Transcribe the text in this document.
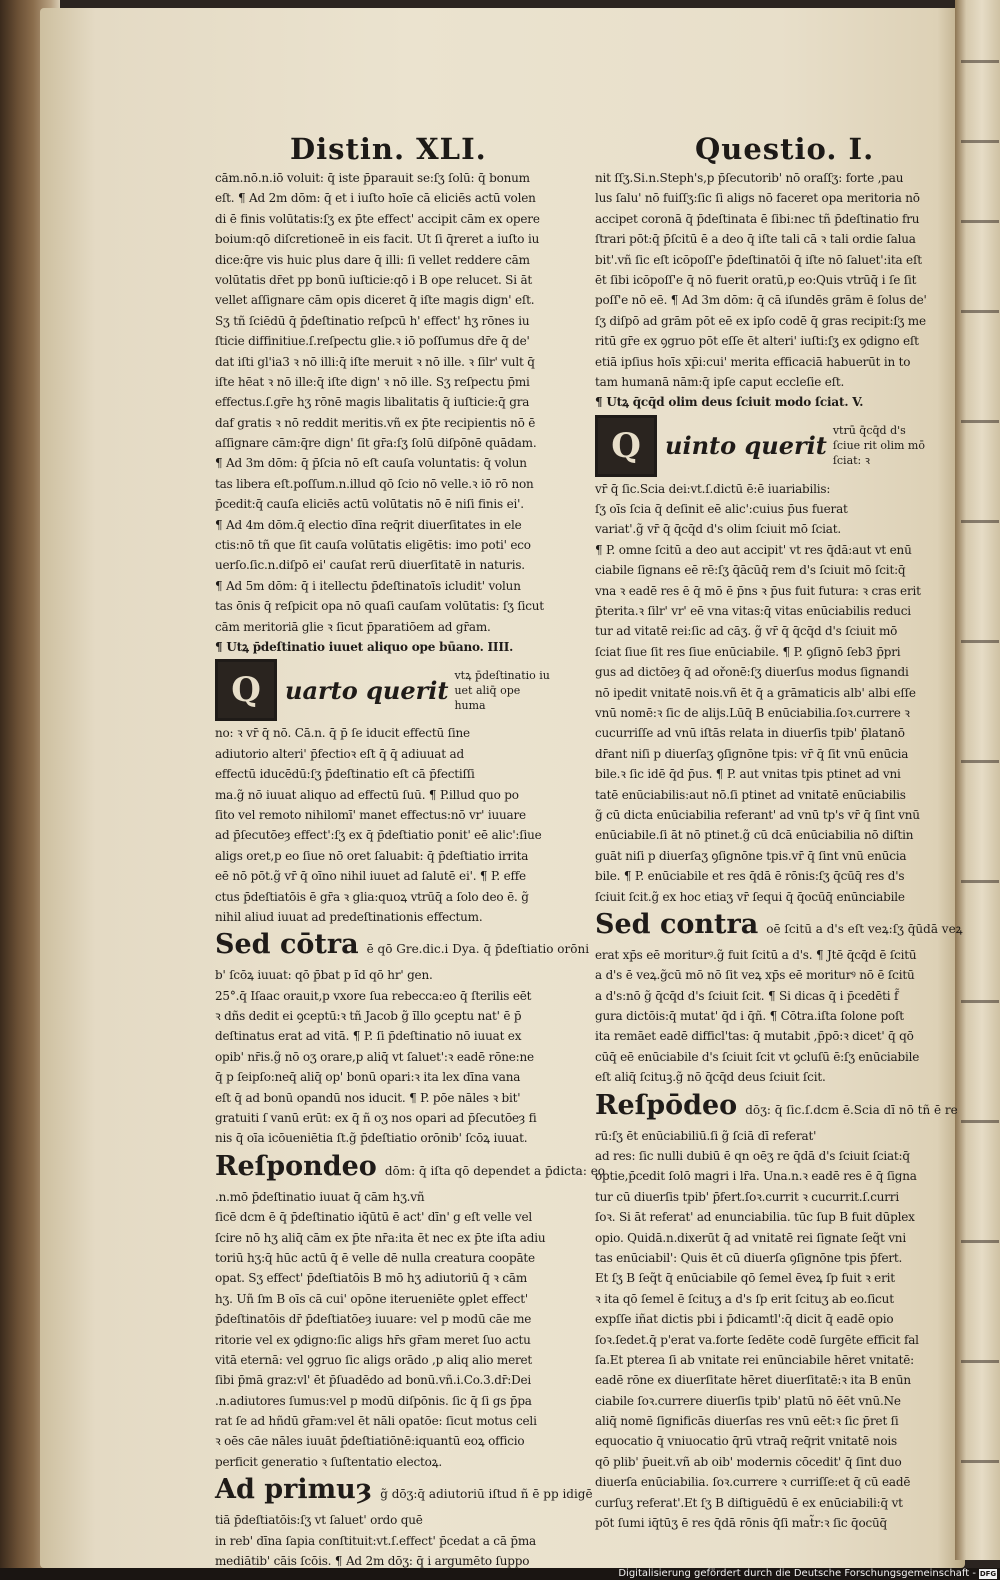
Distin. XLI.	Questio. I.
cām.nō.n.iō voluit: q̄ iste p̄parauit se:ſʒ ſolū: q̄ bonum
eſt. ¶ Ad 2m dōm: q̄ et i iuſto hoīe cā eliciēs actū volen
di ē finis volūtatis:ſʒ ex p̄te effect' accipit cām ex opere
boium:qō diſcretioneē in eis facit. Ut ſi q̄reret a iuſto iu
dice:q̄re vis huic plus dare q̄ illi: ſi vellet reddere cām
volūtatis dr̄et pp bonū iuſticie:qō i B ope relucet. Si āt
vellet aſſignare cām opis diceret q̄ iſte magis dign' eſt.
Sʒ tñ ſciēdū q̄ p̄deſtinatio reſpcū h' effect' hʒ rōnes iu
ſticie diffinitiue.ſ.reſpectu glie.ꝛ iō poſſumus dr̄e q̄ de'
dat iſti gl'ia3 ꝛ nō illi:q̄ iſte meruit ꝛ nō ille. ꝛ ſilr' vult q̄
iſte hēat ꝛ nō ille:q̄ iſte dign' ꝛ nō ille. Sʒ reſpectu p̄mi
effectus.ſ.gr̄e hʒ rōnē magis libalitatis q̄ iuſticie:q̄ gra
daf gratis ꝛ nō reddit meritis.vñ ex p̄te recipientis nō ē
aſſignare cām:q̄re dign' ſit gr̄a:ſʒ ſolū diſpōnē quādam.
¶ Ad 3m dōm: q̄ p̄ſcia nō eſt cauſa voluntatis: q̄ volun
tas libera eſt.poſſum.n.illud qō ſcio nō velle.ꝛ iō rō non
p̄cedit:q̄ cauſa eliciēs actū volūtatis nō ē niſi finis ei'.
¶ Ad 4m dōm.q̄ electio dīna req̄rit diuerſitates in ele
ctis:nō tñ que ſit cauſa volūtatis eligētis: imo poti' eco
uerſo.ſic.n.diſpō ei' cauſat rerū diuerſitatē in naturis.
¶ Ad 5m dōm: q̄ i itellectu p̄deſtinatoīs icludit' volun
tas ōnis q̄ reſpicit opa nō quaſi cauſam volūtatis: ſʒ ſicut
cām meritoriā glie ꝛ ſicut p̄paratiōem ad gr̄am.
¶ Utꝝ p̄deſtinatio iuuet aliquo ope būano. IIII.
Q	uarto querit
vtꝝ p̄deſtinatio iu uet aliq̄ ope huma
no: ꝛ vr̄ q̄ nō. Cā.n. q̄ p̄ ſe iducit effectū ſine
adiutorio alteri' p̄fectioꝛ eſt q̄ q̄ adiuuat ad
effectū iducēdū:ſʒ p̄deſtinatio eſt cā p̄fectiſſi
ma.g̃ nō iuuat aliquo ad effectū ſuū. ¶ P.illud quo po
ſito vel remoto nihilomī' manet effectus:nō vr' iuuare
ad p̄ſecutōeȝ effect':ſʒ ex q̄ p̄deſtiatio ponit' eē alic':ſiue
aligs oret,p eo ſiue nō oret ſaluabit: q̄ p̄deſtiatio irrita
eē nō pōt.g̃ vr̄ q̄ oīno nihil iuuet ad ſalutē ei'. ¶ P. effe
ctus p̄deſtiatōis ē gr̄a ꝛ glia:quoꝝ vtrūq̄ a ſolo deo ē. g̃
nihil aliud iuuat ad predeſtinationis effectum.
Sed cōtra ē qō Gre.dic.i Dya. q̄ p̄deſtiatio orōni
b' ſcōꝝ iuuat: qō p̄bat p ı̄d qō hr' gen.
25°.q̄ Iſaac orauit,p vxore ſua rebecca:eo q̄ ſterilis eēt
ꝛ dñs dedit ei ꝯceptū:ꝛ tñ Jacob g̃ ı̄llo ꝯceptu nat' ē p̄
deſtinatus erat ad vitā. ¶ P. ſi p̄deſtinatio nō iuuat ex
opib' nr̄is.g̃ nō oʒ orare,p aliq̄ vt ſaluet':ꝛ eadē rōne:ne
q̄ p ſeipſo:neq̄ aliq̄ op' bonū opari:ꝛ ita lex dīna vana
eſt q̄ ad bonū opandū nos iducit. ¶ P. pōe nāles ꝛ bit'
gratuiti ſ vanū erūt: ex q̄ ñ oʒ nos opari ad p̄ſecutōeȝ fi
nis q̄ oīa icōueniētia ſt.g̃ p̄deſtiatio orōnib' ſcōꝝ iuuat.
Reſpondeo dōm: q̄ iſta qō dependet a p̄dicta: eo
.n.mō p̄deſtinatio iuuat q̄ cām hʒ.vñ
ſicē dcm ē q̄ p̄deſtinatio iq̄ūtū ē act' dīn' g eſt velle vel
ſcire nō hʒ aliq̄ cām ex p̄te nr̄a:ita ēt nec ex p̄te iſta adiu
toriū hʒ:q̄ hūc actū q̄ ē velle dē nulla creatura coopāte
opat. Sʒ effect' p̄deſtiatōis B mō hʒ adiutoriū q̄ ꝛ cām
hʒ. Uñ ſm B oīs cā cui' opōne iterueniēte ꝯplet effect'
p̄deſtinatōis dr̄ p̄deſtiatōeȝ iuuare: vel p modū cāe me
ritorie vel ex ꝯdigno:ſic aligs hr̄s gr̄am meret ſuo actu
vitā eternā: vel ꝯgruo ſic aligs orādo ,p aliq alio meret
ſibi p̄mā graz:vl' ēt p̄ſuadēdo ad bonū.vñ.i.Co.3.dr̄:Dei
.n.adiutores ſumus:vel p modū diſpōnis. ſic q̄ ſi gs p̄pa
rat ſe ad hñdū gr̄am:vel ēt nāli opatōe: ſicut motus celi
ꝛ oēs cāe nāles iuuāt p̄deſtiatiōnē:iquantū eoꝝ officio
perficit generatio ꝛ ſuſtentatio electoꝝ.
Ad primuȝ g̃ dōʒ:q̄ adiutoriū iſtud ñ ē pp idigē
tiā p̄deſtiatōis:ſʒ vt ſaluet' ordo quē
in reb' dīna ſapia conſtituit:vt.ſ.effect' p̄cedat a cā p̄ma
mediātib' cāis ſcōis. ¶ Ad 2m dōʒ: q̄ i argumēto ſuppo
nit ſſʒ.Si.n.Steph's,p p̄ſecutorib' nō oraſſʒ: forte ,pau
lus ſalu' nō fuiſſʒ:ſic ſi aligs nō faceret opa meritoria nō
accipet coronā q̄ p̄deſtinata ē ſibi:nec tñ p̄deſtinatio fru
ſtrari pōt:q̄ p̄ſcitū ē a deo q̄ iſte tali cā ꝛ tali ordie ſalua
bit'.vñ ſic eſt icōpoſſ'e p̄deſtinatōi q̄ iſte nō ſaluet':ita eſt
ēt ſibi icōpoſſ'e q̄ nō fuerit oratū,p eo:Quis vtrūq̄ i ſe ſit
poſſ'e nō eē. ¶ Ad 3m dōm: q̄ cā iſundēs grām ē ſolus de'
ſʒ diſpō ad grām pōt eē ex ipſo codē q̄ gras recipit:ſʒ me
ritū gr̄e ex ꝯgruo pōt eſſe ēt alteri' iuſti:ſʒ ex ꝯdigno eſt
etiā ipſius hoīs xp̄i:cui' merita efficaciā habuerūt in to
tam humanā nām:q̄ ipſe caput eccleſie eſt.
¶ Utꝝ q̄cq̄d olim deus ſciuit modo ſciat. V.
Q	uinto querit
vtrū q̄cq̄d d's ſciue rit olim mō ſciat: ꝛ
vr̄ q̄ ſic.Scia dei:vt.ſ.dictū ē:ē iuariabilis:
ſʒ oīs ſcia q̄ deſinit eē alic':cuius p̄us fuerat
variat'.g̃ vr̄ q̄ q̄cq̄d d's olim ſciuit mō ſciat.
¶ P. omne ſcitū a deo aut accipit' vt res q̄dā:aut vt enū
ciabile ſignans eē rē:ſʒ q̄ācūq̄ rem d's ſciuit mō ſcit:q̄
vna ꝛ eadē res ē q̄ mō ē p̄ns ꝛ p̄us fuit futura: ꝛ cras erit
p̄terita.ꝛ ſilr' vr' eē vna vitas:q̄ vitas enūciabilis reduci
tur ad vitatē rei:ſic ad cāʒ. g̃ vr̄ q̄ q̄cq̄d d's ſciuit mō
ſciat ſiue ſit res ſiue enūciabile. ¶ P. ꝯſignō ſeb3 p̄pri
gus ad dictōeȝ q̄ ad ořonē:ſʒ diuerſus modus ſignandi
nō ipedit vnitatē nois.vñ ēt q̄ a grāmaticis alb' albi eſſe
vnū nomē:ꝛ ſic de alijs.Lūq̄ B enūciabilia.ſoꝛ.currere ꝛ
cucurriſſe ad vnū iſtās relata in diuerſis tpib' p̄latanō
dr̄ant niſi p diuerſaʒ ꝯſignōne tpis: vr̄ q̄ ſit vnū enūcia
bile.ꝛ ſic idē q̄d p̄us. ¶ P. aut vnitas tpis ptinet ad vni
tatē enūciabilis:aut nō.ſi ptinet ad vnitatē enūciabilis
g̃ cū dicta enūciabilia referant' ad vnū tp's vr̄ q̄ ſint vnū
enūciabile.ſi āt nō ptinet.g̃ cū dcā enūciabilia nō diſtin
guāt niſi p diuerſaʒ ꝯſignōne tpis.vr̄ q̄ ſint vnū enūcia
bile. ¶ P. enūciabile et res q̄dā ē rōnis:ſʒ q̄cūq̄ res d's
ſciuit ſcit.g̃ ex hoc etiaʒ vr̄ ſequi q̄ q̄ocūq̄ enūnciabile
Sed contra oē ſcitū a d's eſt veꝝ:ſʒ q̄ūdā veꝝ
erat xp̄s eē moriturꝰ.g̃ fuit ſcitū a d's. ¶ Jtē q̄cq̄d ē ſcitū
a d's ē veꝝ.g̃cū mō nō ſit veꝝ xp̄s eē moriturꝰ nō ē ſcitū
a d's:nō g̃ q̄cq̄d d's ſciuit ſcit. ¶ Si dicas q̄ i p̄cedēti f̃
gura dictōis:q̄ mutat' q̄d i q̄ñ. ¶ Cōtra.iſta ſolone poſt
ita remāet eadē difficl'tas: q̄ mutabit ,p̄pō:ꝛ dicet' q̄ qō
cūq̄ eē enūciabile d's ſciuit ſcit vt ꝯcluſū ē:ſʒ enūciabile
eſt aliq̄ ſcituꝫ.g̃ nō q̄cq̄d deus ſciuit ſcit.
Reſpōdeo dōʒ: q̄ ſic.ſ.dcm ē.Scia dī nō tñ ē re
rū:ſʒ ēt enūciabiliū.ſi g̃ ſciā dī referat'
ad res: ſic nulli dubiū ē qn oēʒ re q̄dā d's ſciuit ſciat:q̄
optie,p̄cedit ſolō magri i lr̄a. Una.n.ꝛ eadē res ē q̄ ſigna
tur cū diuerſis tpib' p̄fert.ſoꝛ.currit ꝛ cucurrit.ſ.curri
ſoꝛ. Si āt referat' ad enunciabilia. tūc ſup B fuit dūplex
opio. Quidā.n.dixerūt q̄ ad vnitatē rei ſignate ſeq̃t vni
tas enūciabil': Quis ēt cū diuerſa ꝯſignōne tpis p̄fert.
Et ſʒ B ſeq̃t q̄ enūciabile qō ſemel ēveꝝ ſp fuit ꝛ erit
ꝛ ita qō ſemel ē ſcituʒ a d's ſp erit ſcituʒ ab eo.ſicut
expſſe i̇ñat dictis pbi i p̄dicamtl':q̄ dicit q̄ eadē opio
ſoꝛ.ſedet.q̄ p'erat va.forte ſedēte codē ſurgēte efficit fal
ſa.Et pterea ſi ab vnitate rei enūnciabile hēret vnitatē:
eadē rōne ex diuerſitate hēret diuerſitatē:ꝛ ita B enūn
ciabile ſoꝛ.currere diuerſis tpib' platū nō ēēt vnū.Ne
aliq̄ nomē ſignificās diuerſas res vnū eēt:ꝛ ſic p̄ret ſi
equocatio q̄ vniuocatio q̄rū vtraq̄ req̄rit vnitatē nois
qō plib' p̄ueit.vñ ab oib' modernis cōcedit' q̄ ſint duo
diuerſa enūciabilia. ſoꝛ.currere ꝛ curriſſe:et q̄ cū eadē
curſuʒ referat'.Et ſʒ B diſtiguēdū ē ex enūciabili:q̄ vt
pōt ſumi iq̄tūʒ ē res q̄dā rōnis q̄ſi mat̃r:ꝛ ſic q̄ocūq̄
Digitalisierung gefördert durch die Deutsche Forschungsgemeinschaft - DFG
